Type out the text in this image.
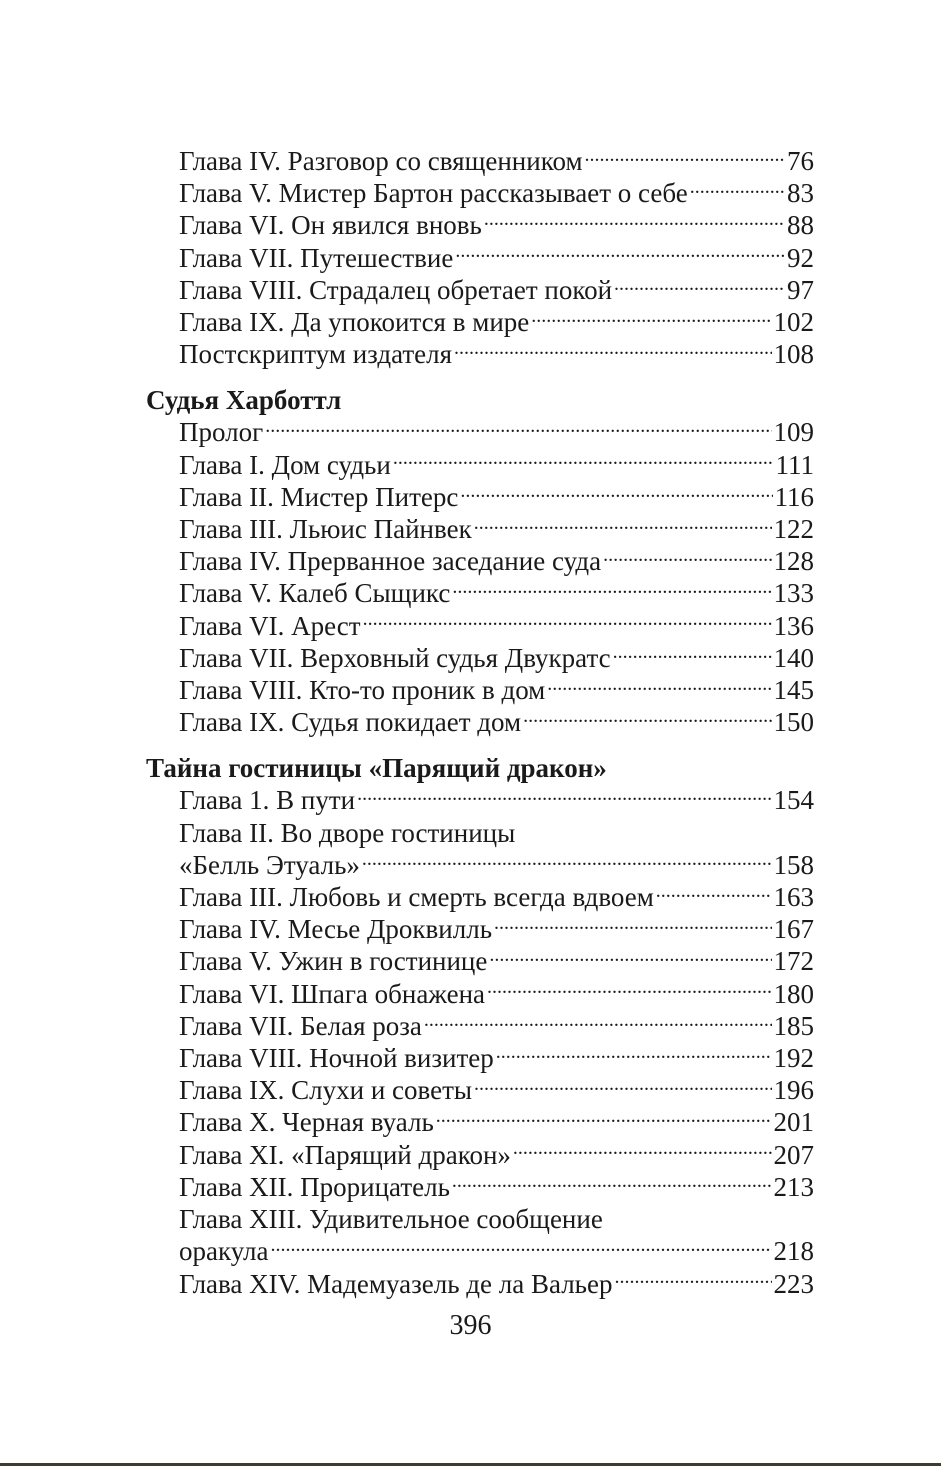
Глава IV. Разговор со священником . . .	76
Глава V. Мистер Бартон рассказывает о себе . . .	83
Глава VI. Он явился вновь . . .	88
Глава VII. Путешествие . . .	92
Глава VIII. Страдалец обретает покой . . .	97
Глава IX. Да упокоится в мире . . .	102
Постскриптум издателя . . .	108
Судья Харботтл
Пролог . . .	109
Глава I. Дом судьи . . .	111
Глава II. Мистер Питерс . . .	116
Глава III. Льюис Пайнвек . . .	122
Глава IV. Прерванное заседание суда . . .	128
Глава V. Калеб Сыщикс . . .	133
Глава VI. Арест . . .	136
Глава VII. Верховный судья Двукратс . . .	140
Глава VIII. Кто-то проник в дом . . .	145
Глава IX. Судья покидает дом . . .	150
Тайна гостиницы «Парящий дракон»
Глава 1. В пути . . .	154
Глава II. Во дворе гостиницы
«Белль Этуаль» . . .	158
Глава III. Любовь и смерть всегда вдвоем . . .	163
Глава IV. Месье Дроквилль . . .	167
Глава V. Ужин в гостинице . . .	172
Глава VI. Шпага обнажена . . .	180
Глава VII. Белая роза . . .	185
Глава VIII. Ночной визитер . . .	192
Глава IX. Слухи и советы . . .	196
Глава X. Черная вуаль . . .	201
Глава XI. «Парящий дракон» . . .	207
Глава XII. Прорицатель . . .	213
Глава XIII. Удивительное сообщение
оракула . . .	218
Глава XIV. Мадемуазель де ла Вальер . . .	223
396
